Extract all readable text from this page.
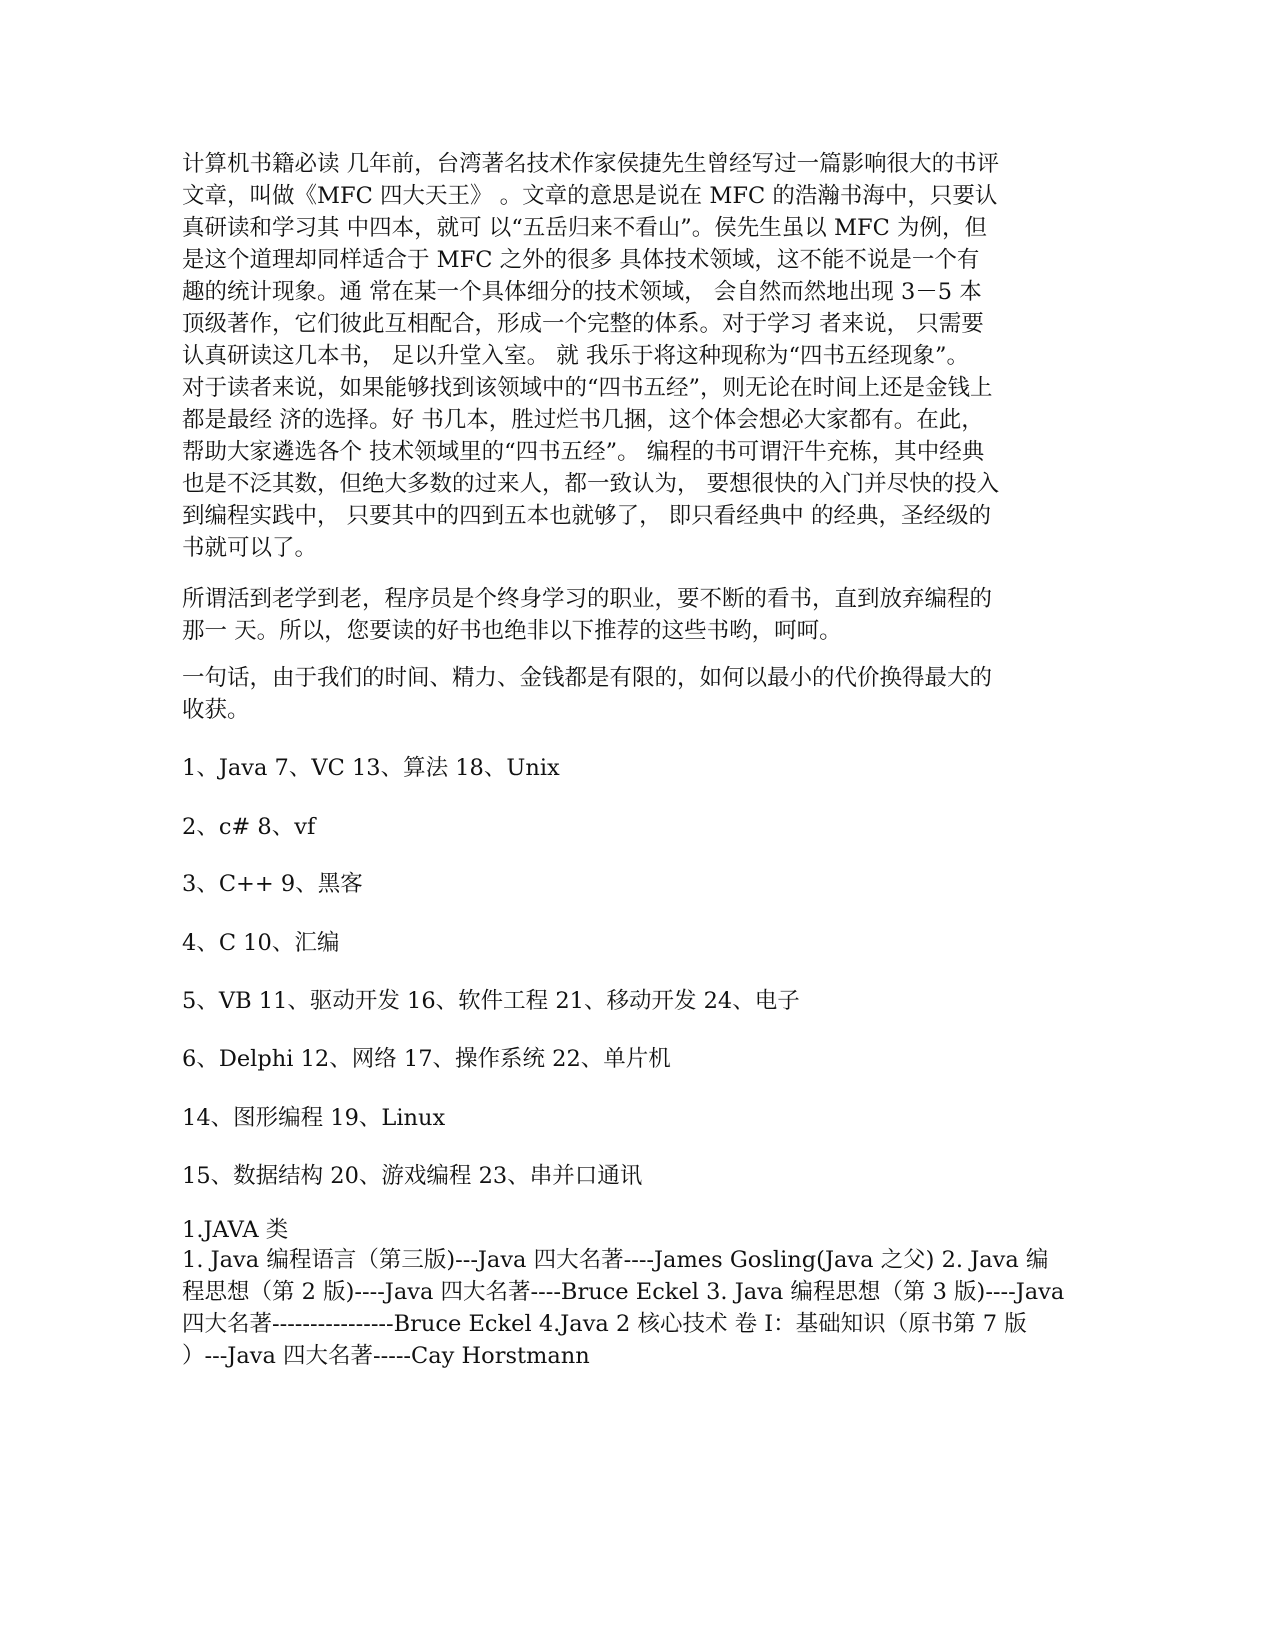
计算机书籍必读 几年前，台湾著名技术作家侯捷先生曾经写过一篇影响很大的书评
文章，叫做《MFC 四大天王》 。文章的意思是说在 MFC 的浩瀚书海中，只要认
真研读和学习其 中四本，就可 以“五岳归来不看山”。侯先生虽以 MFC 为例，但
是这个道理却同样适合于 MFC 之外的很多 具体技术领域，这不能不说是一个有
趣的统计现象。通 常在某一个具体细分的技术领域， 会自然而然地出现 3－5 本
顶级著作，它们彼此互相配合，形成一个完整的体系。对于学习 者来说， 只需要
认真研读这几本书， 足以升堂入室。 就 我乐于将这种现称为“四书五经现象”。
对于读者来说，如果能够找到该领域中的“四书五经”，则无论在时间上还是金钱上
都是最经 济的选择。好 书几本，胜过烂书几捆，这个体会想必大家都有。在此，
帮助大家遴选各个 技术领域里的“四书五经”。 编程的书可谓汗牛充栋，其中经典
也是不泛其数，但绝大多数的过来人，都一致认为， 要想很快的入门并尽快的投入
到编程实践中， 只要其中的四到五本也就够了， 即只看经典中 的经典，圣经级的
书就可以了。
所谓活到老学到老，程序员是个终身学习的职业，要不断的看书，直到放弃编程的
那一 天。所以，您要读的好书也绝非以下推荐的这些书哟，呵呵。
一句话，由于我们的时间、精力、金钱都是有限的，如何以最小的代价换得最大的
收获。
1、Java 7、VC 13、算法 18、Unix
2、c# 8、vf
3、C++ 9、黑客
4、C 10、汇编
5、VB 11、驱动开发 16、软件工程 21、移动开发 24、电子
6、Delphi 12、网络 17、操作系统 22、单片机
14、图形编程 19、Linux
15、数据结构 20、游戏编程 23、串并口通讯
1.JAVA 类
1. Java 编程语言（第三版)---Java 四大名著----James Gosling(Java 之父) 2. Java 编
程思想（第 2 版)----Java 四大名著----Bruce Eckel 3. Java 编程思想（第 3 版)----Java
四大名著----------------Bruce Eckel 4.Java 2 核心技术 卷 I：基础知识（原书第 7 版
）---Java 四大名著-----Cay Horstmann
